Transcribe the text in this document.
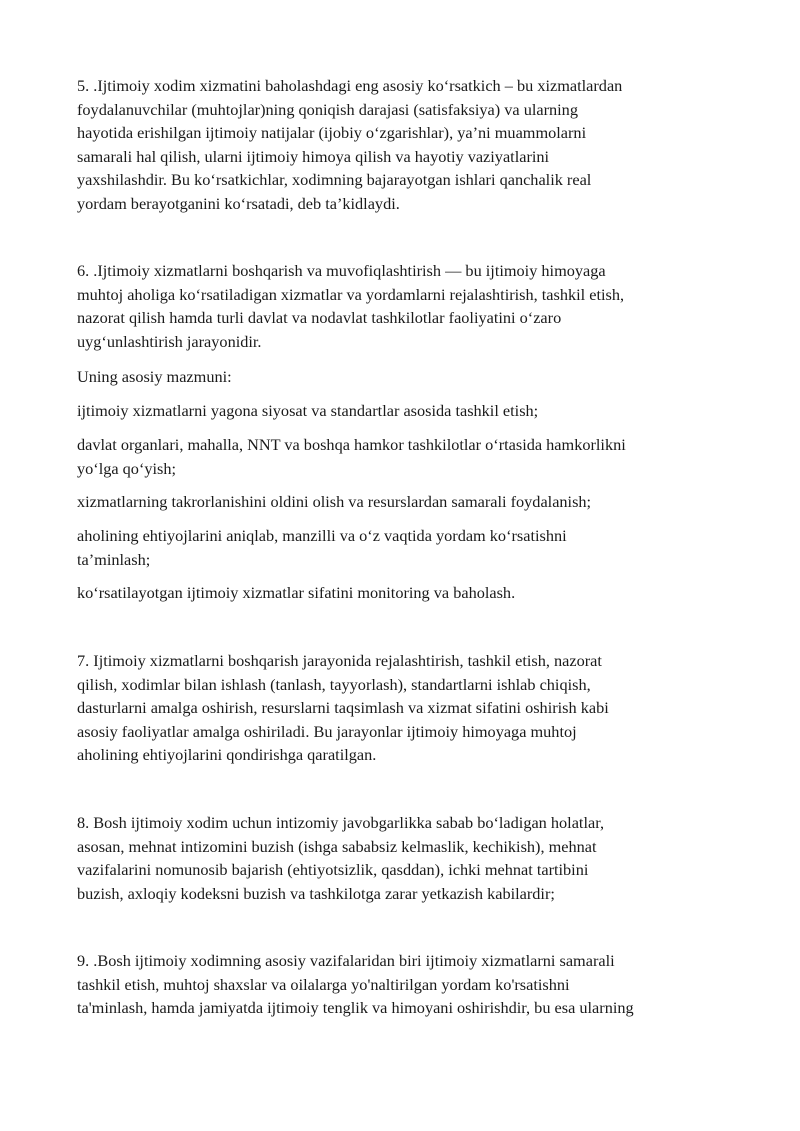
5. .Ijtimoiy xodim xizmatini baholashdagi eng asosiy ko‘rsatkich – bu xizmatlardan
foydalanuvchilar (muhtojlar)ning qoniqish darajasi (satisfaksiya) va ularning
hayotida erishilgan ijtimoiy natijalar (ijobiy o‘zgarishlar), ya’ni muammolarni
samarali hal qilish, ularni ijtimoiy himoya qilish va hayotiy vaziyatlarini
yaxshilashdir. Bu ko‘rsatkichlar, xodimning bajarayotgan ishlari qanchalik real
yordam berayotganini ko‘rsatadi, deb ta’kidlaydi.

6. .Ijtimoiy xizmatlarni boshqarish va muvofiqlashtirish — bu ijtimoiy himoyaga
muhtoj aholiga ko‘rsatiladigan xizmatlar va yordamlarni rejalashtirish, tashkil etish,
nazorat qilish hamda turli davlat va nodavlat tashkilotlar faoliyatini o‘zaro
uyg‘unlashtirish jarayonidir.

Uning asosiy mazmuni:

ijtimoiy xizmatlarni yagona siyosat va standartlar asosida tashkil etish;

davlat organlari, mahalla, NNT va boshqa hamkor tashkilotlar o‘rtasida hamkorlikni
yo‘lga qo‘yish;

xizmatlarning takrorlanishini oldini olish va resurslardan samarali foydalanish;

aholining ehtiyojlarini aniqlab, manzilli va o‘z vaqtida yordam ko‘rsatishni
ta’minlash;

ko‘rsatilayotgan ijtimoiy xizmatlar sifatini monitoring va baholash.

7. Ijtimoiy xizmatlarni boshqarish jarayonida rejalashtirish, tashkil etish, nazorat
qilish, xodimlar bilan ishlash (tanlash, tayyorlash), standartlarni ishlab chiqish,
dasturlarni amalga oshirish, resurslarni taqsimlash va xizmat sifatini oshirish kabi
asosiy faoliyatlar amalga oshiriladi. Bu jarayonlar ijtimoiy himoyaga muhtoj
aholining ehtiyojlarini qondirishga qaratilgan.

8. Bosh ijtimoiy xodim uchun intizomiy javobgarlikka sabab bo‘ladigan holatlar,
asosan, mehnat intizomini buzish (ishga sababsiz kelmaslik, kechikish), mehnat
vazifalarini nomunosib bajarish (ehtiyotsizlik, qasddan), ichki mehnat tartibini
buzish, axloqiy kodeksni buzish va tashkilotga zarar yetkazish kabilardir;

9. .Bosh ijtimoiy xodimning asosiy vazifalaridan biri ijtimoiy xizmatlarni samarali
tashkil etish, muhtoj shaxslar va oilalarga yo'naltirilgan yordam ko'rsatishni
ta'minlash, hamda jamiyatda ijtimoiy tenglik va himoyani oshirishdir, bu esa ularning
